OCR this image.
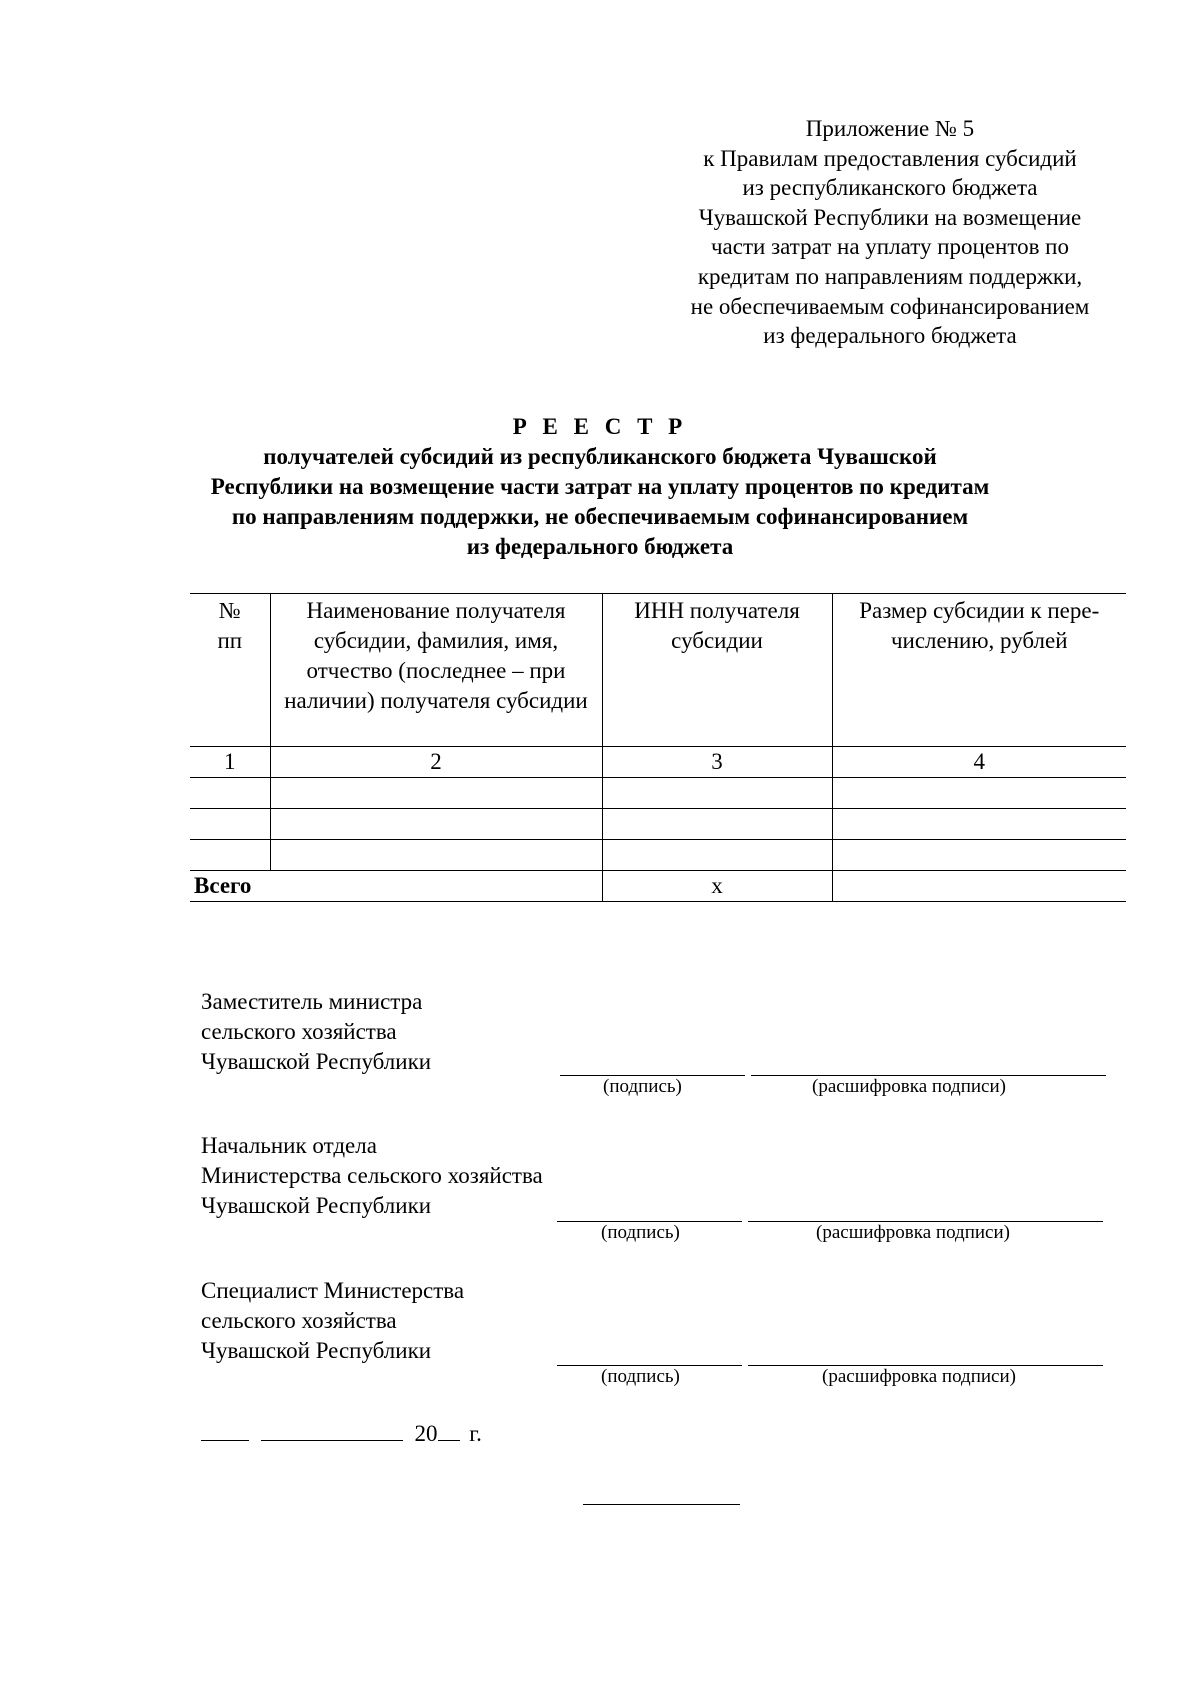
Приложение № 5
к Правилам предоставления субсидий
из республиканского бюджета
Чувашской Республики на возмещение
части затрат на уплату процентов по
кредитам по направлениям поддержки,
не обеспечиваемым софинансированием
из федерального бюджета
Р Е Е С Т Р
получателей субсидий из республиканского бюджета Чувашской
Республики на возмещение части затрат на уплату процентов по кредитам
по направлениям поддержки, не обеспечиваемым софинансированием
из федерального бюджета
№ пп	Наименование получателя субсидии, фамилия, имя, отчество (последнее – при наличии) получателя субсидии	ИНН получателя субсидии	Размер субсидии к перечислению, рублей
1	2	3	4

Всего		х	
Заместитель министра
сельского хозяйства
Чувашской Республики
(подпись)	(расшифровка подписи)
Начальник отдела
Министерства сельского хозяйства
Чувашской Республики
(подпись)	(расшифровка подписи)
Специалист Министерства
сельского хозяйства
Чувашской Республики
(подпись)	(расшифровка подписи)
20 г.
